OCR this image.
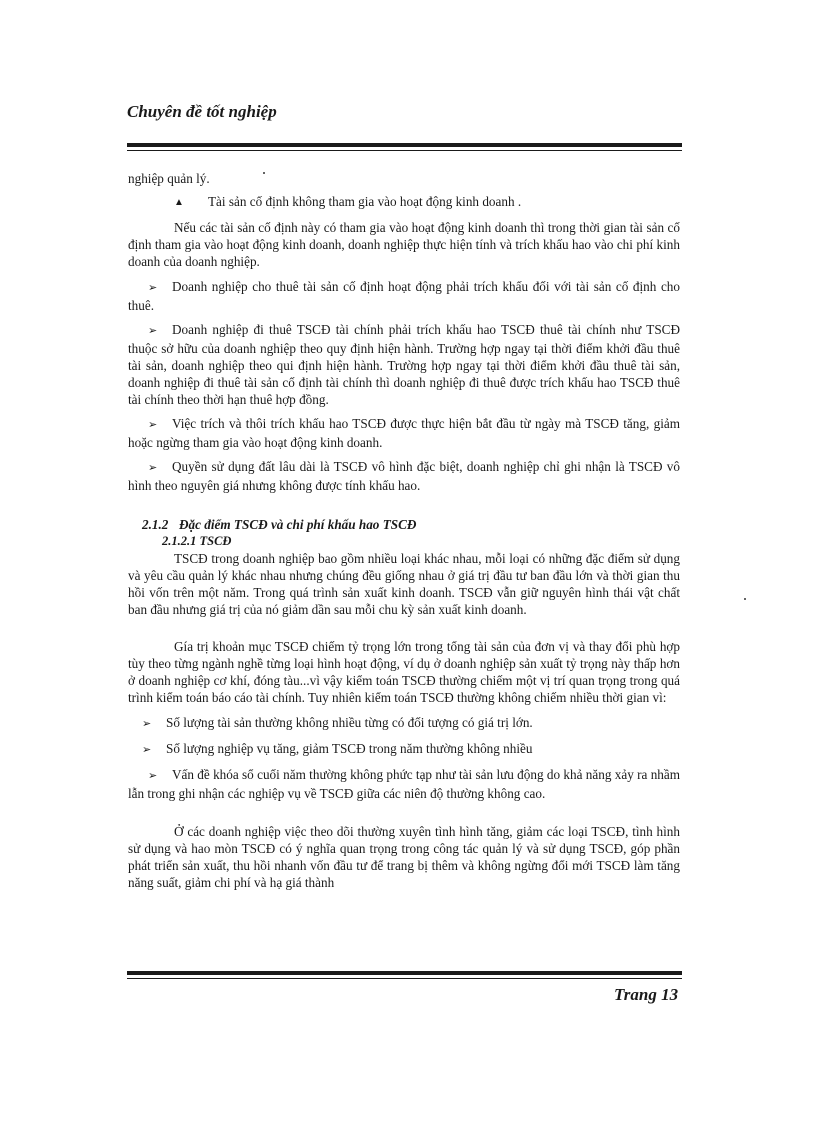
Chuyên đề tốt nghiệp

nghiệp quản lý.

▲ Tài sản cố định không tham gia vào hoạt động kinh doanh .

Nếu các tài sản cố định này có tham gia vào hoạt động kinh doanh thì trong thời gian tài sản cố định tham gia vào hoạt động kinh doanh, doanh nghiệp thực hiện tính và trích khấu hao vào chi phí kinh doanh của doanh nghiệp.

➢ Doanh nghiệp cho thuê tài sản cố định hoạt động phải trích khấu đối với tài sản cố định cho thuê.

➢ Doanh nghiệp đi thuê TSCĐ tài chính phải trích khấu hao TSCĐ thuê tài chính như TSCĐ thuộc sở hữu của doanh nghiệp theo quy định hiện hành. Trường hợp ngay tại thời điểm khởi đầu thuê tài sản, doanh nghiệp theo qui định hiện hành. Trường hợp ngay tại thời điểm khởi đầu thuê tài sản, doanh nghiệp đi thuê tài sản cố định tài chính thì doanh nghiệp đi thuê được trích khấu hao TSCĐ thuê tài chính theo thời hạn thuê hợp đồng.

➢ Việc trích và thôi trích khấu hao TSCĐ được thực hiện bắt đầu từ ngày mà TSCĐ tăng, giảm hoặc ngừng tham gia vào hoạt động kinh doanh.

➢ Quyền sử dụng đất lâu dài là TSCĐ vô hình đặc biệt, doanh nghiệp chỉ ghi nhận là TSCĐ vô hình theo nguyên giá nhưng không được tính khấu hao.

2.1.2 Đặc điểm TSCĐ và chi phí khấu hao TSCĐ

2.1.2.1 TSCĐ

TSCĐ trong doanh nghiệp bao gồm nhiều loại khác nhau, mỗi loại có những đặc điểm sử dụng và yêu cầu quản lý khác nhau nhưng chúng đều giống nhau ở giá trị đầu tư ban đầu lớn và thời gian thu hồi vốn trên một năm. Trong quá trình sản xuất kinh doanh. TSCĐ vẫn giữ nguyên hình thái vật chất ban đầu nhưng giá trị của nó giảm dần sau mỗi chu kỳ sản xuất kinh doanh.

Gía trị khoản mục TSCĐ chiếm tỷ trọng lớn trong tổng tài sản của đơn vị và thay đổi phù hợp tùy theo từng ngành nghề từng loại hình hoạt động, ví dụ ở doanh nghiệp sản xuất tỷ trọng này thấp hơn ở doanh nghiệp cơ khí, đóng tàu...vì vậy kiểm toán TSCĐ thường chiếm một vị trí quan trọng trong quá trình kiểm toán báo cáo tài chính. Tuy nhiên kiểm toán TSCĐ thường không chiếm nhiều thời gian vì:

➢ Số lượng tài sản thường không nhiều từng có đối tượng có giá trị lớn.

➢ Số lượng nghiệp vụ tăng, giảm TSCĐ trong năm thường không nhiều

➢ Vấn đề khóa sổ cuối năm thường không phức tạp như tài sản lưu động do khả năng xảy ra nhầm lẫn trong ghi nhận các nghiệp vụ về TSCĐ giữa các niên độ thường không cao.

Ở các doanh nghiệp việc theo dõi thường xuyên tình hình tăng, giảm các loại TSCĐ, tình hình sử dụng và hao mòn TSCĐ có ý nghĩa quan trọng trong công tác quản lý và sử dụng TSCĐ, góp phần phát triển sản xuất, thu hồi nhanh vốn đầu tư để trang bị thêm và không ngừng đổi mới TSCĐ làm tăng năng suất, giảm chi phí và hạ giá thành

Trang 13
